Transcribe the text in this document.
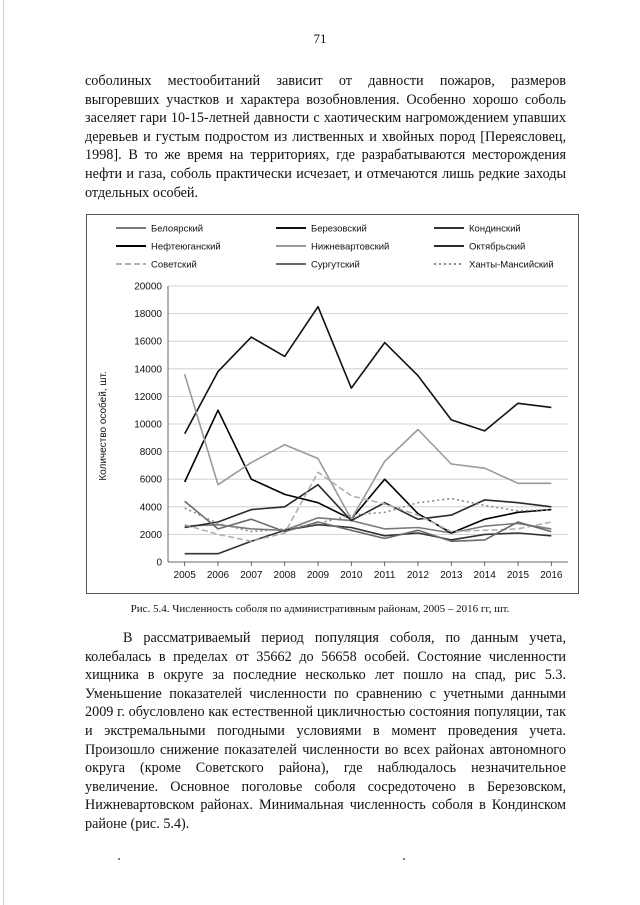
71

соболиных местообитаний зависит от давности пожаров, размеров выгоревших участков и характера возобновления. Особенно хорошо соболь заселяет гари 10-15-летней давности с хаотическим нагромождением упавших деревьев и густым подростом из лиственных и хвойных пород [Переясловец, 1998]. В то же время на территориях, где разрабатываются месторождения нефти и газа, соболь практически исчезает, и отмечаются лишь редкие заходы отдельных особей.

Белоярский	Березовский	Кондинский
Нефтеюганский	Нижневартовский	Октябрьский
Советский	Сургутский	Ханты-Мансийский
0
2000
4000
6000
8000
10000
12000
14000
16000
18000
20000
2005 2006 2007 2008 2009 2010 2011 2012 2013 2014 2015 2016
Количество особей, шт.
Рис. 5.4. Численность соболя по административным районам, 2005 – 2016 гг, шт.

В рассматриваемый период популяция соболя, по данным учета, колебалась в пределах от 35662 до 56658 особей. Состояние численности хищника в округе за последние несколько лет пошло на спад, рис 5.3. Уменьшение показателей численности по сравнению с учетными данными 2009 г. обусловлено как естественной цикличностью состояния популяции, так и экстремальными погодными условиями в момент проведения учета. Произошло снижение показателей численности во всех районах автономного округа (кроме Советского района), где наблюдалось незначительное увеличение. Основное поголовье соболя сосредоточено в Березовском, Нижневартовском районах. Минимальная численность соболя в Кондинском районе (рис. 5.4).
